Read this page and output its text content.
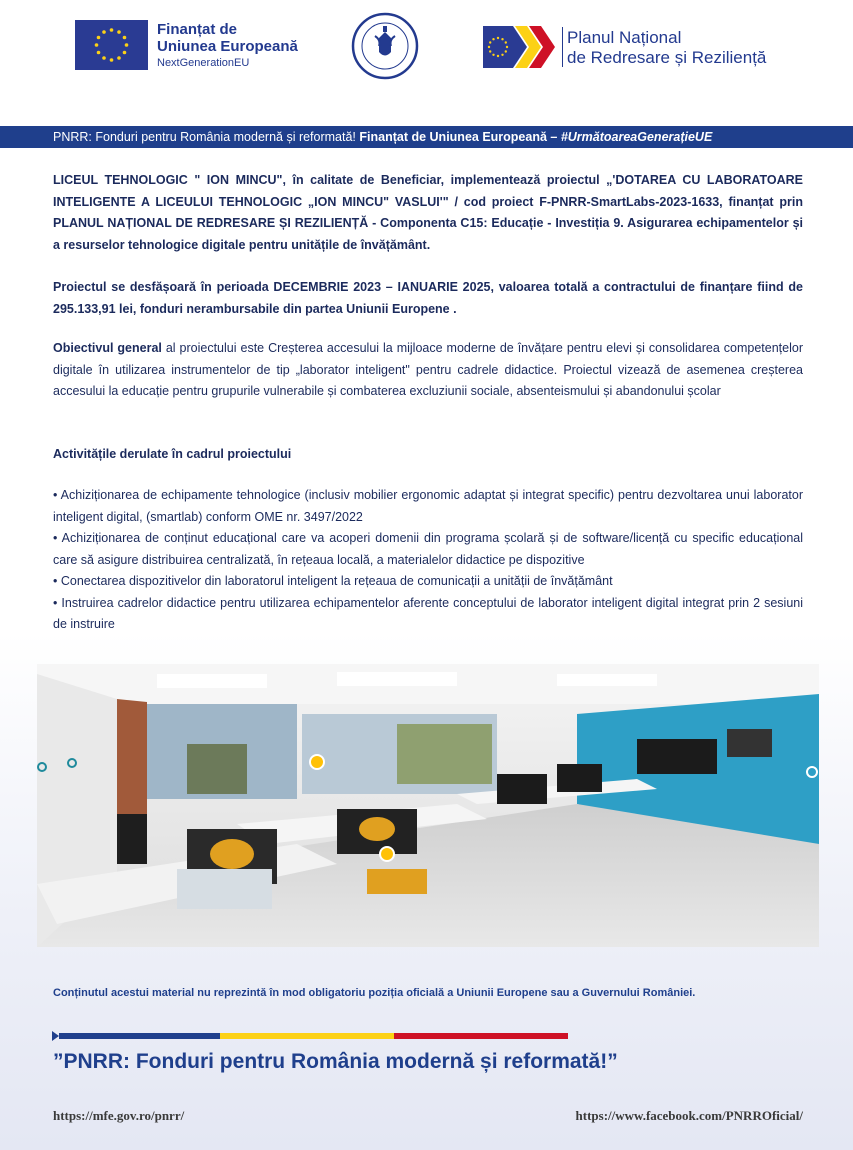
Finanțat de
Uniunea Europeană
NextGenerationEU
Planul Național
de Redresare și Reziliență
PNRR: Fonduri pentru România modernă și reformată! Finanțat de Uniunea Europeană – #UrmătoareaGenerațieUE
LICEUL TEHNOLOGIC " ION MINCU", în calitate de Beneficiar, implementează proiectul „'DOTAREA CU LABORATOARE INTELIGENTE A LICEULUI TEHNOLOGIC „ION MINCU" VASLUI'" / cod proiect F-PNRR-SmartLabs-2023-1633, finanțat prin PLANUL NAȚIONAL DE REDRESARE ȘI REZILIENȚĂ - Componenta C15: Educație - Investiția 9. Asigurarea echipamentelor și a resurselor tehnologice digitale pentru unitățile de învățământ.
Proiectul se desfășoară în perioada DECEMBRIE 2023 – IANUARIE 2025, valoarea totală a contractului de finanțare fiind de 295.133,91 lei, fonduri nerambursabile din partea Uniunii Europene .
Obiectivul general al proiectului este Creșterea accesului la mijloace moderne de învățare pentru elevi și consolidarea competențelor digitale în utilizarea instrumentelor de tip „laborator inteligent" pentru cadrele didactice. Proiectul vizează de asemenea creșterea accesului la educație pentru grupurile vulnerabile și combaterea excluziunii sociale, absenteismului și abandonului școlar
Activitățile derulate în cadrul proiectului
• Achiziționarea de echipamente tehnologice (inclusiv mobilier ergonomic adaptat și integrat specific) pentru dezvoltarea unui laborator inteligent digital, (smartlab) conform OME nr. 3497/2022
• Achiziționarea de conținut educațional care va acoperi domenii din programa școlară și de software/licență cu specific educațional care să asigure distribuirea centralizată, în rețeaua locală, a materialelor didactice pe dispozitive
• Conectarea dispozitivelor din laboratorul inteligent la rețeaua de comunicații a unității de învățământ
• Instruirea cadrelor didactice pentru utilizarea echipamentelor aferente conceptului de laborator inteligent digital integrat prin 2 sesiuni de instruire
Conținutul acestui material nu reprezintă în mod obligatoriu poziția oficială a Uniunii Europene sau a Guvernului României.
”PNRR: Fonduri pentru România modernă și reformată!”
https://mfe.gov.ro/pnrr/	https://www.facebook.com/PNRROficial/
